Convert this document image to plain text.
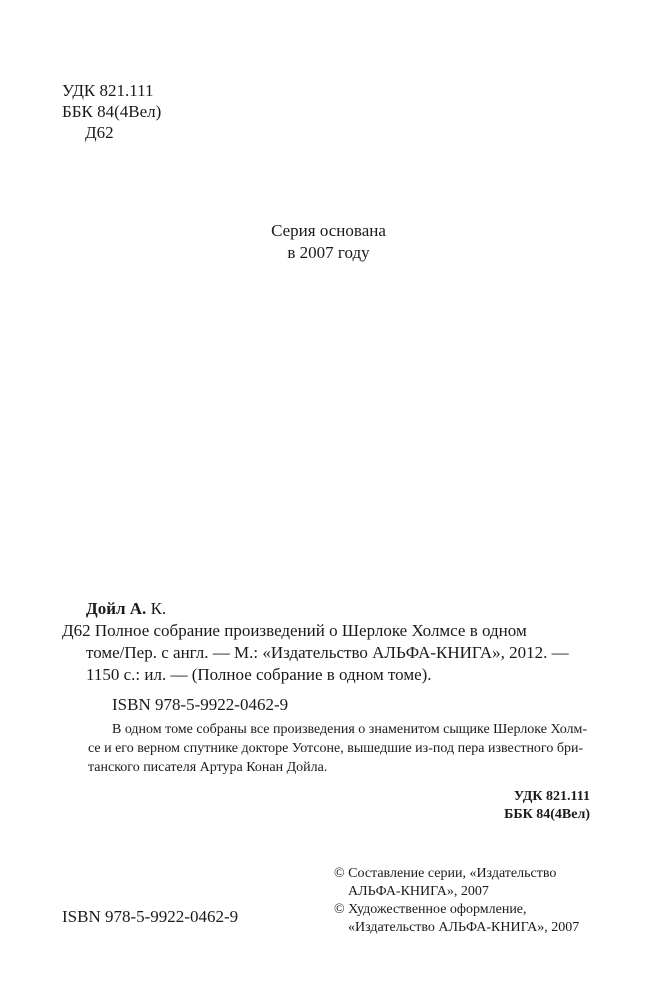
УДК 821.111
ББК 84(4Вел)
Д62
Серия основана
в 2007 году
Дойл А. К.
Д62 Полное собрание произведений о Шерлоке Холмсе в одном
томе/Пер. с англ. — М.: «Издательство АЛЬФА-КНИГА», 2012. —
1150 с.: ил. — (Полное собрание в одном томе).
ISBN 978-5-9922-0462-9
В одном томе собраны все произведения о знаменитом сыщике Шерлоке Холм-
се и его верном спутнике докторе Уотсоне, вышедшие из-под пера известного бри-
танского писателя Артура Конан Дойла.
УДК 821.111
ББК 84(4Вел)
© Составление серии, «Издательство
АЛЬФА-КНИГА», 2007
© Художественное оформление,
«Издательство АЛЬФА-КНИГА», 2007
ISBN 978-5-9922-0462-9
